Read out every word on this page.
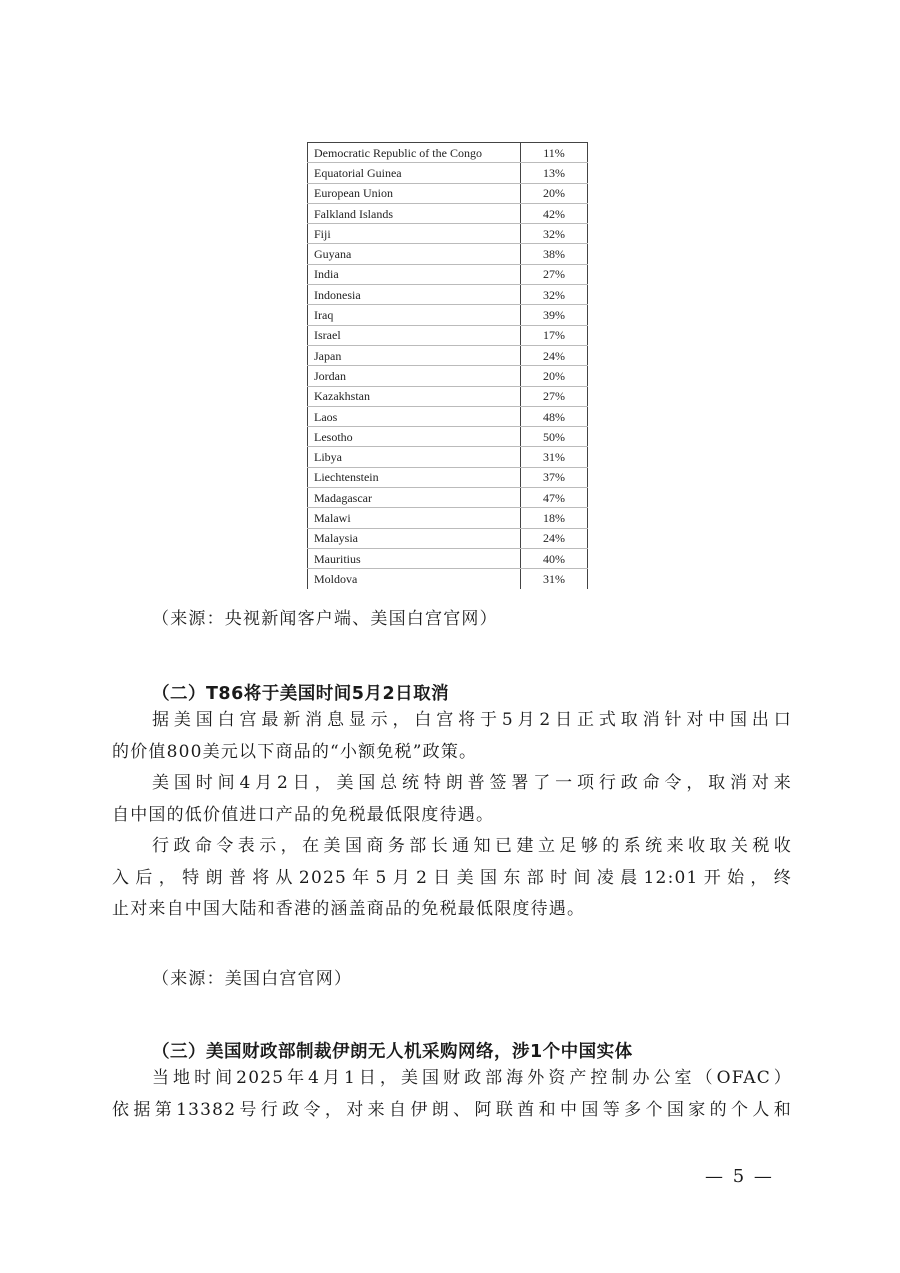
Democratic Republic of the Congo	11%
Equatorial Guinea	13%
European Union	20%
Falkland Islands	42%
Fiji	32%
Guyana	38%
India	27%
Indonesia	32%
Iraq	39%
Israel	17%
Japan	24%
Jordan	20%
Kazakhstan	27%
Laos	48%
Lesotho	50%
Libya	31%
Liechtenstein	37%
Madagascar	47%
Malawi	18%
Malaysia	24%
Mauritius	40%
Moldova	31%

（来源：央视新闻客户端、美国白宫官网）

（二）T86将于美国时间5月2日取消

据美国白宫最新消息显示，白宫将于5月2日正式取消针对中国出口
的价值800美元以下商品的“小额免税”政策。
美国时间4月2日，美国总统特朗普签署了一项行政命令，取消对来
自中国的低价值进口产品的免税最低限度待遇。
行政命令表示，在美国商务部长通知已建立足够的系统来收取关税收
入后，特朗普将从2025年5月2日美国东部时间凌晨12:01开始，终
止对来自中国大陆和香港的涵盖商品的免税最低限度待遇。

（来源：美国白宫官网）

（三）美国财政部制裁伊朗无人机采购网络，涉1个中国实体

当地时间2025年4月1日，美国财政部海外资产控制办公室（OFAC）
依据第13382号行政令，对来自伊朗、阿联酋和中国等多个国家的个人和

— 5 —
